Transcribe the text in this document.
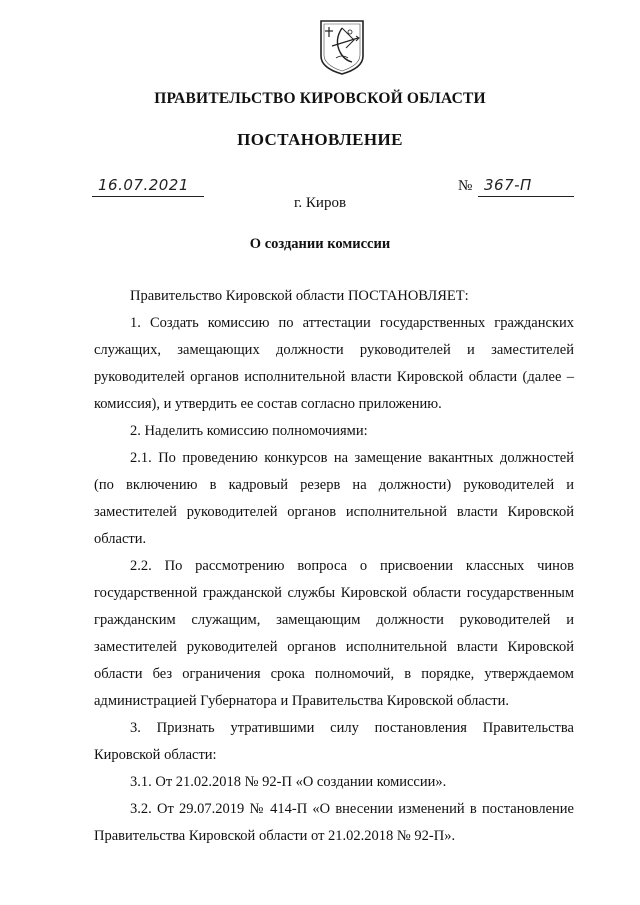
ПРАВИТЕЛЬСТВО КИРОВСКОЙ ОБЛАСТИ
ПОСТАНОВЛЕНИЕ
16.07.2021	№ 367-П
г. Киров
О создании комиссии

Правительство Кировской области ПОСТАНОВЛЯЕТ:

1. Создать комиссию по аттестации государственных гражданских служащих, замещающих должности руководителей и заместителей руководителей органов исполнительной власти Кировской области (далее – комиссия), и утвердить ее состав согласно приложению.

2. Наделить комиссию полномочиями:

2.1. По проведению конкурсов на замещение вакантных должностей (по включению в кадровый резерв на должности) руководителей и заместителей руководителей органов исполнительной власти Кировской области.

2.2. По рассмотрению вопроса о присвоении классных чинов государственной гражданской службы Кировской области государственным гражданским служащим, замещающим должности руководителей и заместителей руководителей органов исполнительной власти Кировской области без ограничения срока полномочий, в порядке, утверждаемом администрацией Губернатора и Правительства Кировской области.

3. Признать утратившими силу постановления Правительства Кировской области:

3.1. От 21.02.2018 № 92-П «О создании комиссии».

3.2. От 29.07.2019 № 414-П «О внесении изменений в постановление Правительства Кировской области от 21.02.2018 № 92-П».
